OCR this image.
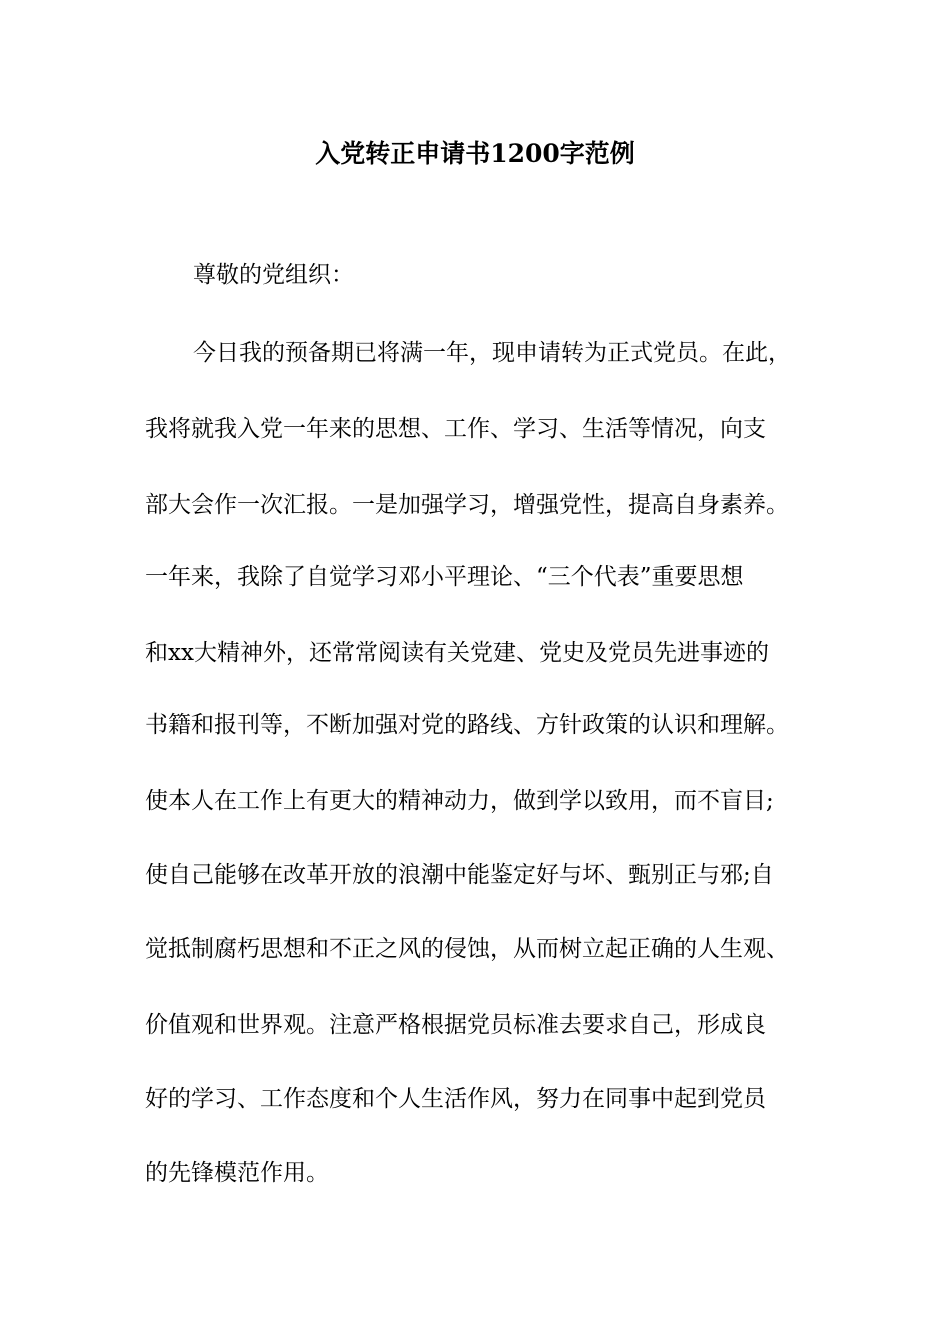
入党转正申请书1200字范例
尊敬的党组织：
今日我的预备期已将满一年，现申请转为正式党员。在此，
我将就我入党一年来的思想、工作、学习、生活等情况，向支
部大会作一次汇报。一是加强学习，增强党性，提高自身素养。
一年来，我除了自觉学习邓小平理论、“三个代表”重要思想
和xx大精神外，还常常阅读有关党建、党史及党员先进事迹的
书籍和报刊等，不断加强对党的路线、方针政策的认识和理解。
使本人在工作上有更大的精神动力，做到学以致用，而不盲目;
使自己能够在改革开放的浪潮中能鉴定好与坏、甄别正与邪;自
觉抵制腐朽思想和不正之风的侵蚀，从而树立起正确的人生观、
价值观和世界观。注意严格根据党员标准去要求自己，形成良
好的学习、工作态度和个人生活作风，努力在同事中起到党员
的先锋模范作用。
